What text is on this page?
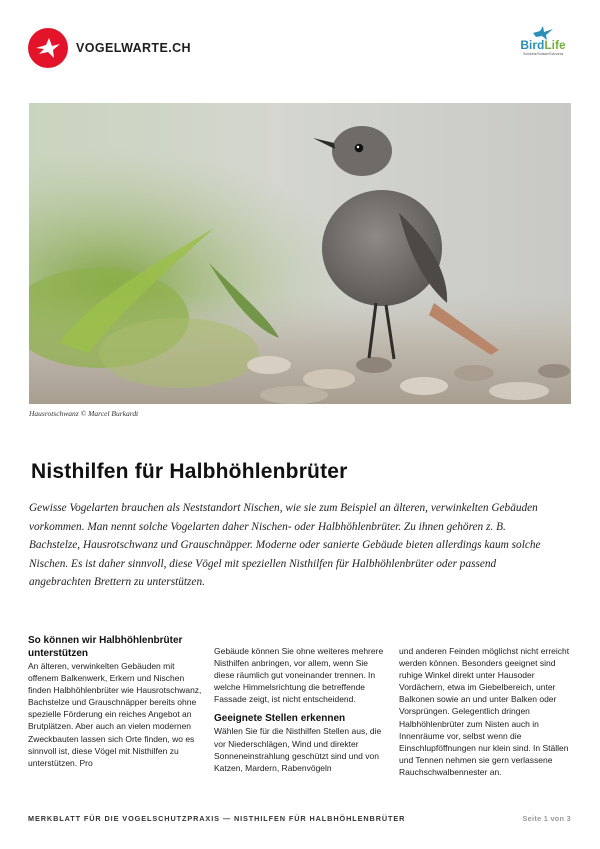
VOGELWARTE.CH	BirdLife
Schweiz/Suisse/Svizzera
Hausrotschwanz © Marcel Burkardt
Nisthilfen für Halbhöhlenbrüter

Gewisse Vogelarten brauchen als Neststandort Nischen, wie sie zum Beispiel an älteren, verwinkelten Gebäuden vorkommen. Man nennt solche Vogelarten daher Nischen- oder Halbhöhlenbrüter. Zu ihnen gehören z. B. Bachstelze, Hausrotschwanz und Grauschnäpper. Moderne oder sanierte Gebäude bieten allerdings kaum solche Nischen. Es ist daher sinnvoll, diese Vögel mit speziellen Nisthilfen für Halbhöhlenbrüter oder passend angebrachten Brettern zu unterstützen.

So können wir Halbhöhlenbrüter unterstützen

An älteren, verwinkelten Gebäuden mit offenem Balkenwerk, Erkern und Nischen finden Halbhöhlenbrüter wie Hausrotschwanz, Bachstelze und Grauschnäpper bereits ohne spezielle Förderung ein reiches Angebot an Brutplätzen. Aber auch an vielen modernen Zweckbauten lassen sich Orte finden, wo es sinnvoll ist, diese Vögel mit Nisthilfen zu unterstützen. Pro

Gebäude können Sie ohne weiteres mehrere Nisthilfen anbringen, vor allem, wenn Sie diese räumlich gut voneinander trennen. In welche Himmelsrichtung die betreffende Fassade zeigt, ist nicht entscheidend.

Geeignete Stellen erkennen

Wählen Sie für die Nisthilfen Stellen aus, die vor Niederschlägen, Wind und direkter Sonneneinstrahlung geschützt sind und von Katzen, Mardern, Rabenvögeln

und anderen Feinden möglichst nicht erreicht werden können. Besonders geeignet sind ruhige Winkel direkt unter Hausoder Vordächern, etwa im Giebelbereich, unter Balkonen sowie an und unter Balken oder Vorsprüngen. Gelegentlich dringen Halbhöhlenbrüter zum Nisten auch in Innenräume vor, selbst wenn die Einschlupföffnungen nur klein sind. In Ställen und Tennen nehmen sie gern verlassene Rauchschwalbennester an.

MERKBLATT FÜR DIE VOGELSCHUTZPRAXIS — NISTHILFEN FÜR HALBHÖHLENBRÜTER	Seite 1 von 3
